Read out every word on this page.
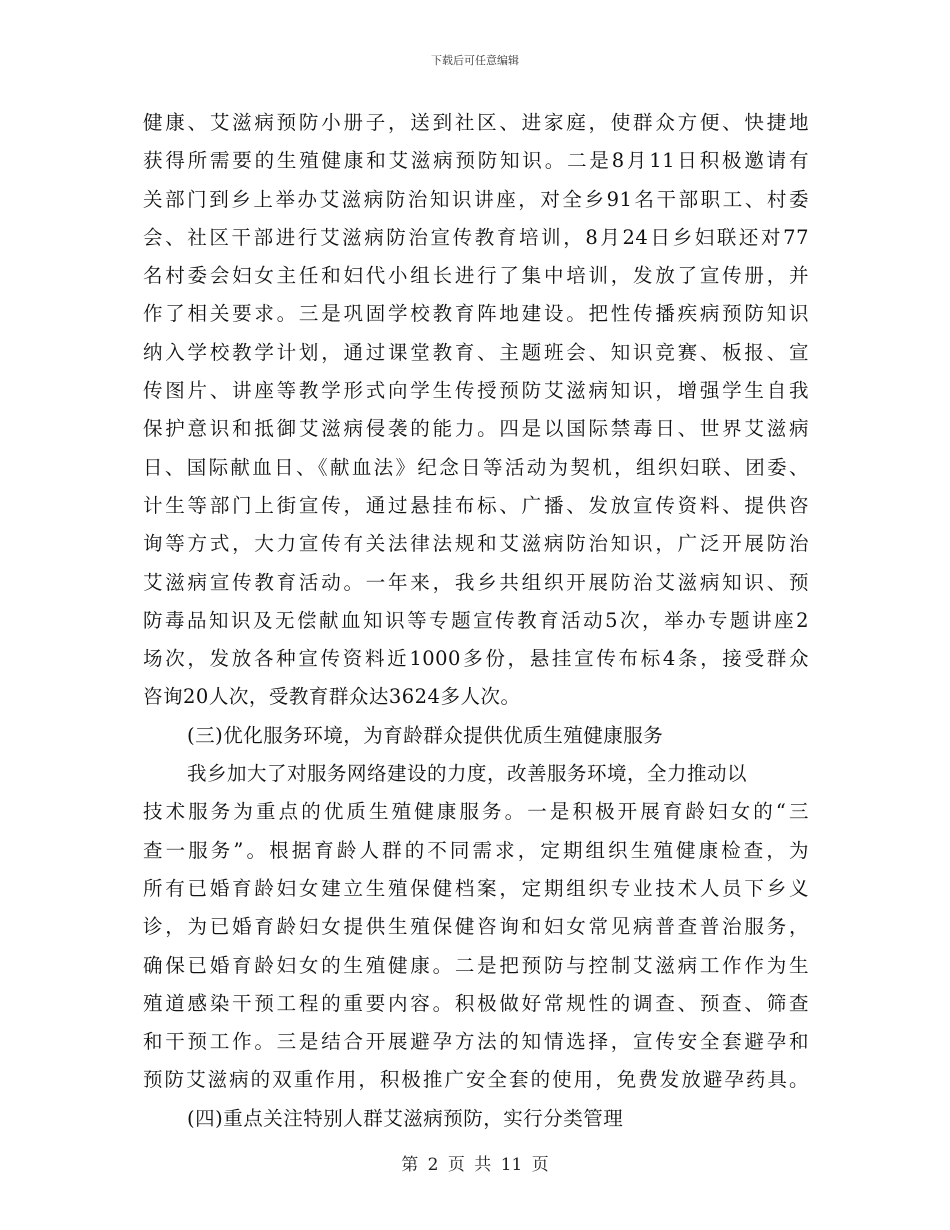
下载后可任意编辑
健康、艾滋病预防小册子，送到社区、进家庭，使群众方便、快捷地
获得所需要的生殖健康和艾滋病预防知识。二是8月11日积极邀请有
关部门到乡上举办艾滋病防治知识讲座，对全乡91名干部职工、村委
会、社区干部进行艾滋病防治宣传教育培训，8月24日乡妇联还对77
名村委会妇女主任和妇代小组长进行了集中培训，发放了宣传册，并
作了相关要求。三是巩固学校教育阵地建设。把性传播疾病预防知识
纳入学校教学计划，通过课堂教育、主题班会、知识竞赛、板报、宣
传图片、讲座等教学形式向学生传授预防艾滋病知识，增强学生自我
保护意识和抵御艾滋病侵袭的能力。四是以国际禁毒日、世界艾滋病
日、国际献血日、《献血法》纪念日等活动为契机，组织妇联、团委、
计生等部门上街宣传，通过悬挂布标、广播、发放宣传资料、提供咨
询等方式，大力宣传有关法律法规和艾滋病防治知识，广泛开展防治
艾滋病宣传教育活动。一年来，我乡共组织开展防治艾滋病知识、预
防毒品知识及无偿献血知识等专题宣传教育活动5次，举办专题讲座2
场次，发放各种宣传资料近1000多份，悬挂宣传布标4条，接受群众
咨询20人次，受教育群众达3624多人次。
(三)优化服务环境，为育龄群众提供优质生殖健康服务
我乡加大了对服务网络建设的力度，改善服务环境，全力推动以
技术服务为重点的优质生殖健康服务。一是积极开展育龄妇女的“三
查一服务”。根据育龄人群的不同需求，定期组织生殖健康检查，为
所有已婚育龄妇女建立生殖保健档案，定期组织专业技术人员下乡义
诊，为已婚育龄妇女提供生殖保健咨询和妇女常见病普查普治服务，
确保已婚育龄妇女的生殖健康。二是把预防与控制艾滋病工作作为生
殖道感染干预工程的重要内容。积极做好常规性的调查、预查、筛查
和干预工作。三是结合开展避孕方法的知情选择，宣传安全套避孕和
预防艾滋病的双重作用，积极推广安全套的使用，免费发放避孕药具。
(四)重点关注特别人群艾滋病预防，实行分类管理
第 2 页 共 11 页
